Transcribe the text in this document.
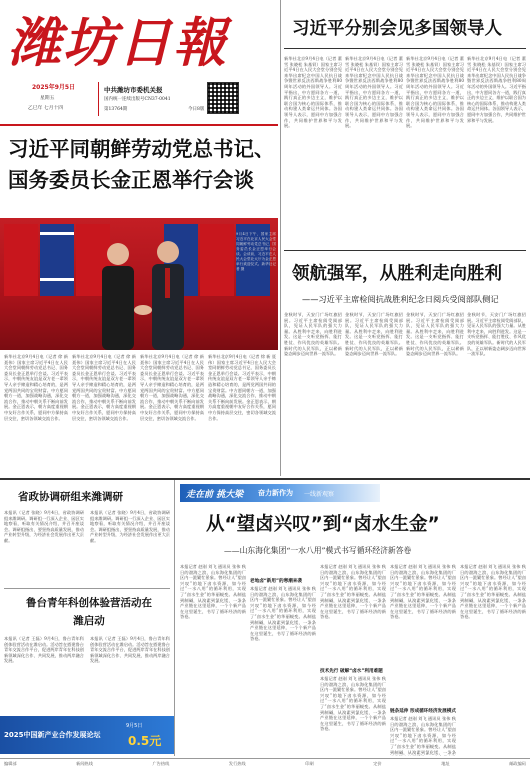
潍坊日報
2025年9月5日
星期五
乙巳年 七月十四
中共潍坊市委机关报
国内统一连续出版号CN37-0041
第13764期	今日8版
习近平同朝鲜劳动党总书记、国务委员长金正恩举行会谈
9月4日下午，国家主席习近平在北京人民大会堂同朝鲜劳动党总书记、国务委员长金正恩举行会谈。会谈前，习近平在人民大会堂北大厅为金正恩举行欢迎仪式。新华社记者 摄
新华社北京9月4日电（记者 徐 新 聂伟）国家主席习近平4日在人民大会堂同朝鲜劳动党总书记、国务委员长金正恩举行会谈。习近平表示，中朝传统友谊是双方老一辈领导人亲手缔造和精心培育的，是两党两国共同的宝贵财富。中方愿同朝方一道，加强战略沟通，深化交流合作，推动中朝关系不断向前发展。金正恩表示，朝方高度重视朝中友好合作关系，愿同中方保持高层交往，密切各领域交流合作。
新华社北京9月4日电（记者 徐 新 聂伟）国家主席习近平4日在人民大会堂同朝鲜劳动党总书记、国务委员长金正恩举行会谈。习近平表示，中朝传统友谊是双方老一辈领导人亲手缔造和精心培育的，是两党两国共同的宝贵财富。中方愿同朝方一道，加强战略沟通，深化交流合作，推动中朝关系不断向前发展。金正恩表示，朝方高度重视朝中友好合作关系，愿同中方保持高层交往，密切各领域交流合作。
新华社北京9月4日电（记者 徐 新 聂伟）国家主席习近平4日在人民大会堂同朝鲜劳动党总书记、国务委员长金正恩举行会谈。习近平表示，中朝传统友谊是双方老一辈领导人亲手缔造和精心培育的，是两党两国共同的宝贵财富。中方愿同朝方一道，加强战略沟通，深化交流合作，推动中朝关系不断向前发展。金正恩表示，朝方高度重视朝中友好合作关系，愿同中方保持高层交往，密切各领域交流合作。
新华社北京9月4日电（记者 徐 新 聂伟）国家主席习近平4日在人民大会堂同朝鲜劳动党总书记、国务委员长金正恩举行会谈。习近平表示，中朝传统友谊是双方老一辈领导人亲手缔造和精心培育的，是两党两国共同的宝贵财富。中方愿同朝方一道，加强战略沟通，深化交流合作，推动中朝关系不断向前发展。金正恩表示，朝方高度重视朝中友好合作关系，愿同中方保持高层交往，密切各领域交流合作。
习近平分别会见多国领导人
新华社北京9月4日电（记者 董雪 张晓松 朱基钗）国家主席习近平4日在人民大会堂分别会见来华出席纪念中国人民抗日战争暨世界反法西斯战争胜利80周年活动的外国领导人。习近平指出，中方愿同各方一道，践行真正的多边主义，维护以联合国为核心的国际体系，推动构建人类命运共同体。各国领导人表示，愿同中方加强合作，共同维护世界和平与发展。
新华社北京9月4日电（记者 董雪 张晓松 朱基钗）国家主席习近平4日在人民大会堂分别会见来华出席纪念中国人民抗日战争暨世界反法西斯战争胜利80周年活动的外国领导人。习近平指出，中方愿同各方一道，践行真正的多边主义，维护以联合国为核心的国际体系，推动构建人类命运共同体。各国领导人表示，愿同中方加强合作，共同维护世界和平与发展。
新华社北京9月4日电（记者 董雪 张晓松 朱基钗）国家主席习近平4日在人民大会堂分别会见来华出席纪念中国人民抗日战争暨世界反法西斯战争胜利80周年活动的外国领导人。习近平指出，中方愿同各方一道，践行真正的多边主义，维护以联合国为核心的国际体系，推动构建人类命运共同体。各国领导人表示，愿同中方加强合作，共同维护世界和平与发展。
新华社北京9月4日电（记者 董雪 张晓松 朱基钗）国家主席习近平4日在人民大会堂分别会见来华出席纪念中国人民抗日战争暨世界反法西斯战争胜利80周年活动的外国领导人。习近平指出，中方愿同各方一道，践行真正的多边主义，维护以联合国为核心的国际体系，推动构建人类命运共同体。各国领导人表示，愿同中方加强合作，共同维护世界和平与发展。
领航强军，从胜利走向胜利
——习近平主席检阅抗战胜利纪念日阅兵受阅部队侧记
金秋时节，天安门广场红旗招展。习近平主席检阅受阅部队，见证人民军队的强大力量。从胜利中走来，向胜利进发。这是一支听党指挥、能打胜仗、作风优良的英雄军队。新时代的人民军队，正以崭新姿态阔步迈向世界一流军队。
金秋时节，天安门广场红旗招展。习近平主席检阅受阅部队，见证人民军队的强大力量。从胜利中走来，向胜利进发。这是一支听党指挥、能打胜仗、作风优良的英雄军队。新时代的人民军队，正以崭新姿态阔步迈向世界一流军队。
金秋时节，天安门广场红旗招展。习近平主席检阅受阅部队，见证人民军队的强大力量。从胜利中走来，向胜利进发。这是一支听党指挥、能打胜仗、作风优良的英雄军队。新时代的人民军队，正以崭新姿态阔步迈向世界一流军队。
金秋时节，天安门广场红旗招展。习近平主席检阅受阅部队，见证人民军队的强大力量。从胜利中走来，向胜利进发。这是一支听党指挥、能打胜仗、作风优良的英雄军队。新时代的人民军队，正以崭新姿态阔步迈向世界一流军队。
省政协调研组来潍调研
本报讯（记者 张晓）9月4日，省政协调研组来潍调研。调研组一行深入企业、园区实地察看，听取有关情况介绍，并召开座谈会。调研组指出，要坚持高质量发展，推动产业转型升级，为经济社会发展作出更大贡献。
本报讯（记者 张晓）9月4日，省政协调研组来潍调研。调研组一行深入企业、园区实地察看，听取有关情况介绍，并召开座谈会。调研组指出，要坚持高质量发展，推动产业转型升级，为经济社会发展作出更大贡献。
鲁台青年科创体验营活动在潍启动
本报讯（记者 王磊）9月4日，鲁台青年科创体验营活动在潍启动。活动旨在搭建鲁台青年交流合作平台，促进两岸青年在科技创新领域深化合作、共同发展，推动两岸融合发展。
本报讯（记者 王磊）9月4日，鲁台青年科创体验营活动在潍启动。活动旨在搭建鲁台青年交流合作平台，促进两岸青年在科技创新领域深化合作、共同发展，推动两岸融合发展。
2025中国新产业合作发展论坛
9月5日
0.5元
走在前 挑大梁 奋力新作为 一线新观察
从“望卤兴叹”到“卤水生金”
——山东海化集团“一水八用”模式书写循环经济新答卷
本报记者 赵刚 刘飞 通讯员 张伟 秋日的渤海之滨，山东海化集团的厂区内一派繁忙景象。曾经让人“望卤兴叹”的地下卤水资源，如今经过“一水八用”的循环利用，实现了“卤水生金”的华丽蜕变。从制盐到制碱，从溴素到氯化镁，一条条产业链在这里延伸，一个个新产品在这里诞生，书写了循环经济的新答卷。
老地卤“新用”的寒潮来袭
本报记者 赵刚 刘飞 通讯员 张伟 秋日的渤海之滨，山东海化集团的厂区内一派繁忙景象。曾经让人“望卤兴叹”的地下卤水资源，如今经过“一水八用”的循环利用，实现了“卤水生金”的华丽蜕变。从制盐到制碱，从溴素到氯化镁，一条条产业链在这里延伸，一个个新产品在这里诞生，书写了循环经济的新答卷。
本报记者 赵刚 刘飞 通讯员 张伟 秋日的渤海之滨，山东海化集团的厂区内一派繁忙景象。曾经让人“望卤兴叹”的地下卤水资源，如今经过“一水八用”的循环利用，实现了“卤水生金”的华丽蜕变。从制盐到制碱，从溴素到氯化镁，一条条产业链在这里延伸，一个个新产品在这里诞生，书写了循环经济的新答卷。
技术先行 破解“卤水”利用难题
本报记者 赵刚 刘飞 通讯员 张伟 秋日的渤海之滨，山东海化集团的厂区内一派繁忙景象。曾经让人“望卤兴叹”的地下卤水资源，如今经过“一水八用”的循环利用，实现了“卤水生金”的华丽蜕变。从制盐到制碱，从溴素到氯化镁，一条条产业链在这里延伸，一个个新产品在这里诞生，书写了循环经济的新答卷。
本报记者 赵刚 刘飞 通讯员 张伟 秋日的渤海之滨，山东海化集团的厂区内一派繁忙景象。曾经让人“望卤兴叹”的地下卤水资源，如今经过“一水八用”的循环利用，实现了“卤水生金”的华丽蜕变。从制盐到制碱，从溴素到氯化镁，一条条产业链在这里延伸，一个个新产品在这里诞生，书写了循环经济的新答卷。
链条延伸 形成循环经济发展模式
本报记者 赵刚 刘飞 通讯员 张伟 秋日的渤海之滨，山东海化集团的厂区内一派繁忙景象。曾经让人“望卤兴叹”的地下卤水资源，如今经过“一水八用”的循环利用，实现了“卤水生金”的华丽蜕变。从制盐到制碱，从溴素到氯化镁，一条条
本报记者 赵刚 刘飞 通讯员 张伟 秋日的渤海之滨，山东海化集团的厂区内一派繁忙景象。曾经让人“望卤兴叹”的地下卤水资源，如今经过“一水八用”的循环利用，实现了“卤水生金”的华丽蜕变。从制盐到制碱，从溴素到氯化镁，一条条产业链在这里延伸，一个个新产品在这里诞生，书写了循环经济的新答卷。
编辑部	新闻热线	广告热线	发行热线	印刷	定价	地址	邮政编码
